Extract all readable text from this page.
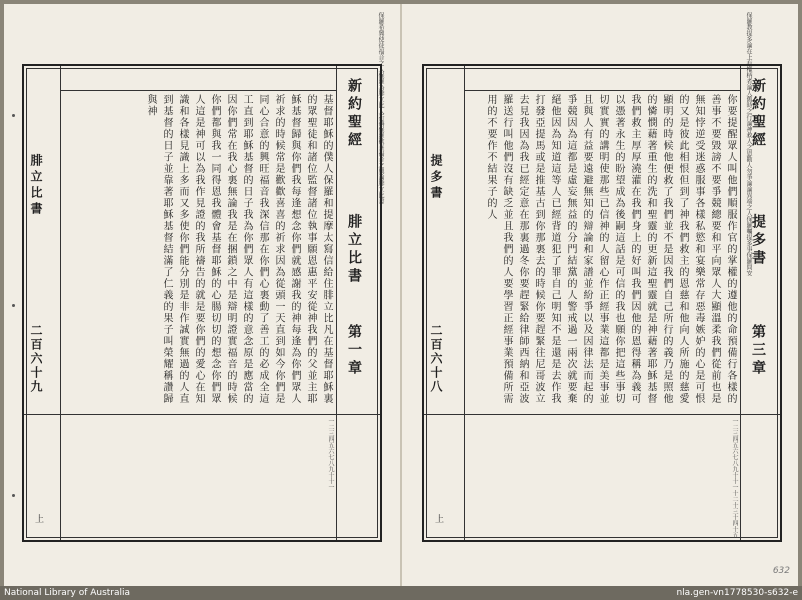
保羅希冀使徒
福音之人
保羅為腓立比人
祈禱
保羅歡喜
福音之興
論腓立比書
新約聖經
腓立比書
第一章
基督耶穌的僕人保羅和提摩太寫信給住腓立比凡在基督耶穌裏的眾聖徒和諸位監督諸位執事願恩惠平安從神我們的父並主耶穌基督歸與你們我每逢想念你們就感謝我的神每逢為你們眾人祈求的時候常是歡歡喜喜的祈求因為從頭一天直到如今你們是同心合意的興旺福音我深信那在你們心裏動了善工的必成全這工直到耶穌基督的日子我為你們眾人有這樣的意念原是應當的因你們常在我心裏無論我是在捆鎖之中是辯明證實福音的時候你們都與我一同得恩我體會基督耶穌的心腸切切的想念你們眾人這是神可以為我作見證的我所禱告的就是要你們的愛心在知識和各樣見識上多而又多使你們能分別是非作誠實無過的人直到基督的日子並靠著耶穌基督結滿了仁義的果子叫榮耀稱讚歸與神
一
二
三
四
五
六
七
八
九
十
十一
腓立比書
二百六十九
上
保羅教提多論在上有權柄者
論人舊時之行
論神救人之恩
勸人勿爭論
論異端之人
保羅囑提多事
保羅問安
新約聖經
提多書
第三章
你要提醒眾人叫他們順服作官的掌權的遵他的命預備行各樣的善事不要毀謗不要爭競總要和平向眾人大顯溫柔我們從前也是無知悖逆受迷惑服事各樣私慾和宴樂常存惡毒嫉妒的心是可恨的又是彼此相恨但到了神我們救主的恩慈和他向人所施的慈愛顯明的時候他便救了我們並不是因我們自己所行的義乃是照他的憐憫藉著重生的洗和聖靈的更新這聖靈就是神藉著耶穌基督我們救主厚厚澆灌在我們身上的好叫我們因他的恩得稱為義可以憑著永生的盼望成為後嗣這話是可信的我也願你把這些事切切實實的講明使那些已信神的人留心作正經事業這都是美事並且與人有益要遠避無知的辯論和家譜並紛爭以及因律法而起的爭競因為這都是虛妄無益的分門結黨的人警戒過一兩次就要棄絕他因為知道這等人已經背道犯了罪自己明知不是還是去作我打發亞提馬或是推基古到你那裏去的時候你要趕緊往尼哥波立去見我因為我已經定意在那裏過冬你要趕緊給律師西納和亞波羅送行叫他們沒有缺乏並且我們的人要學習正經事業預備所需用的不要作不結果子的人
一
二
三
四
五
六
七
八
九
十
十一
十二
十三
十四
十五
提多書
二百六十八
上
632
National Library of Australia	nla.gen-vn1778530-s632-e
